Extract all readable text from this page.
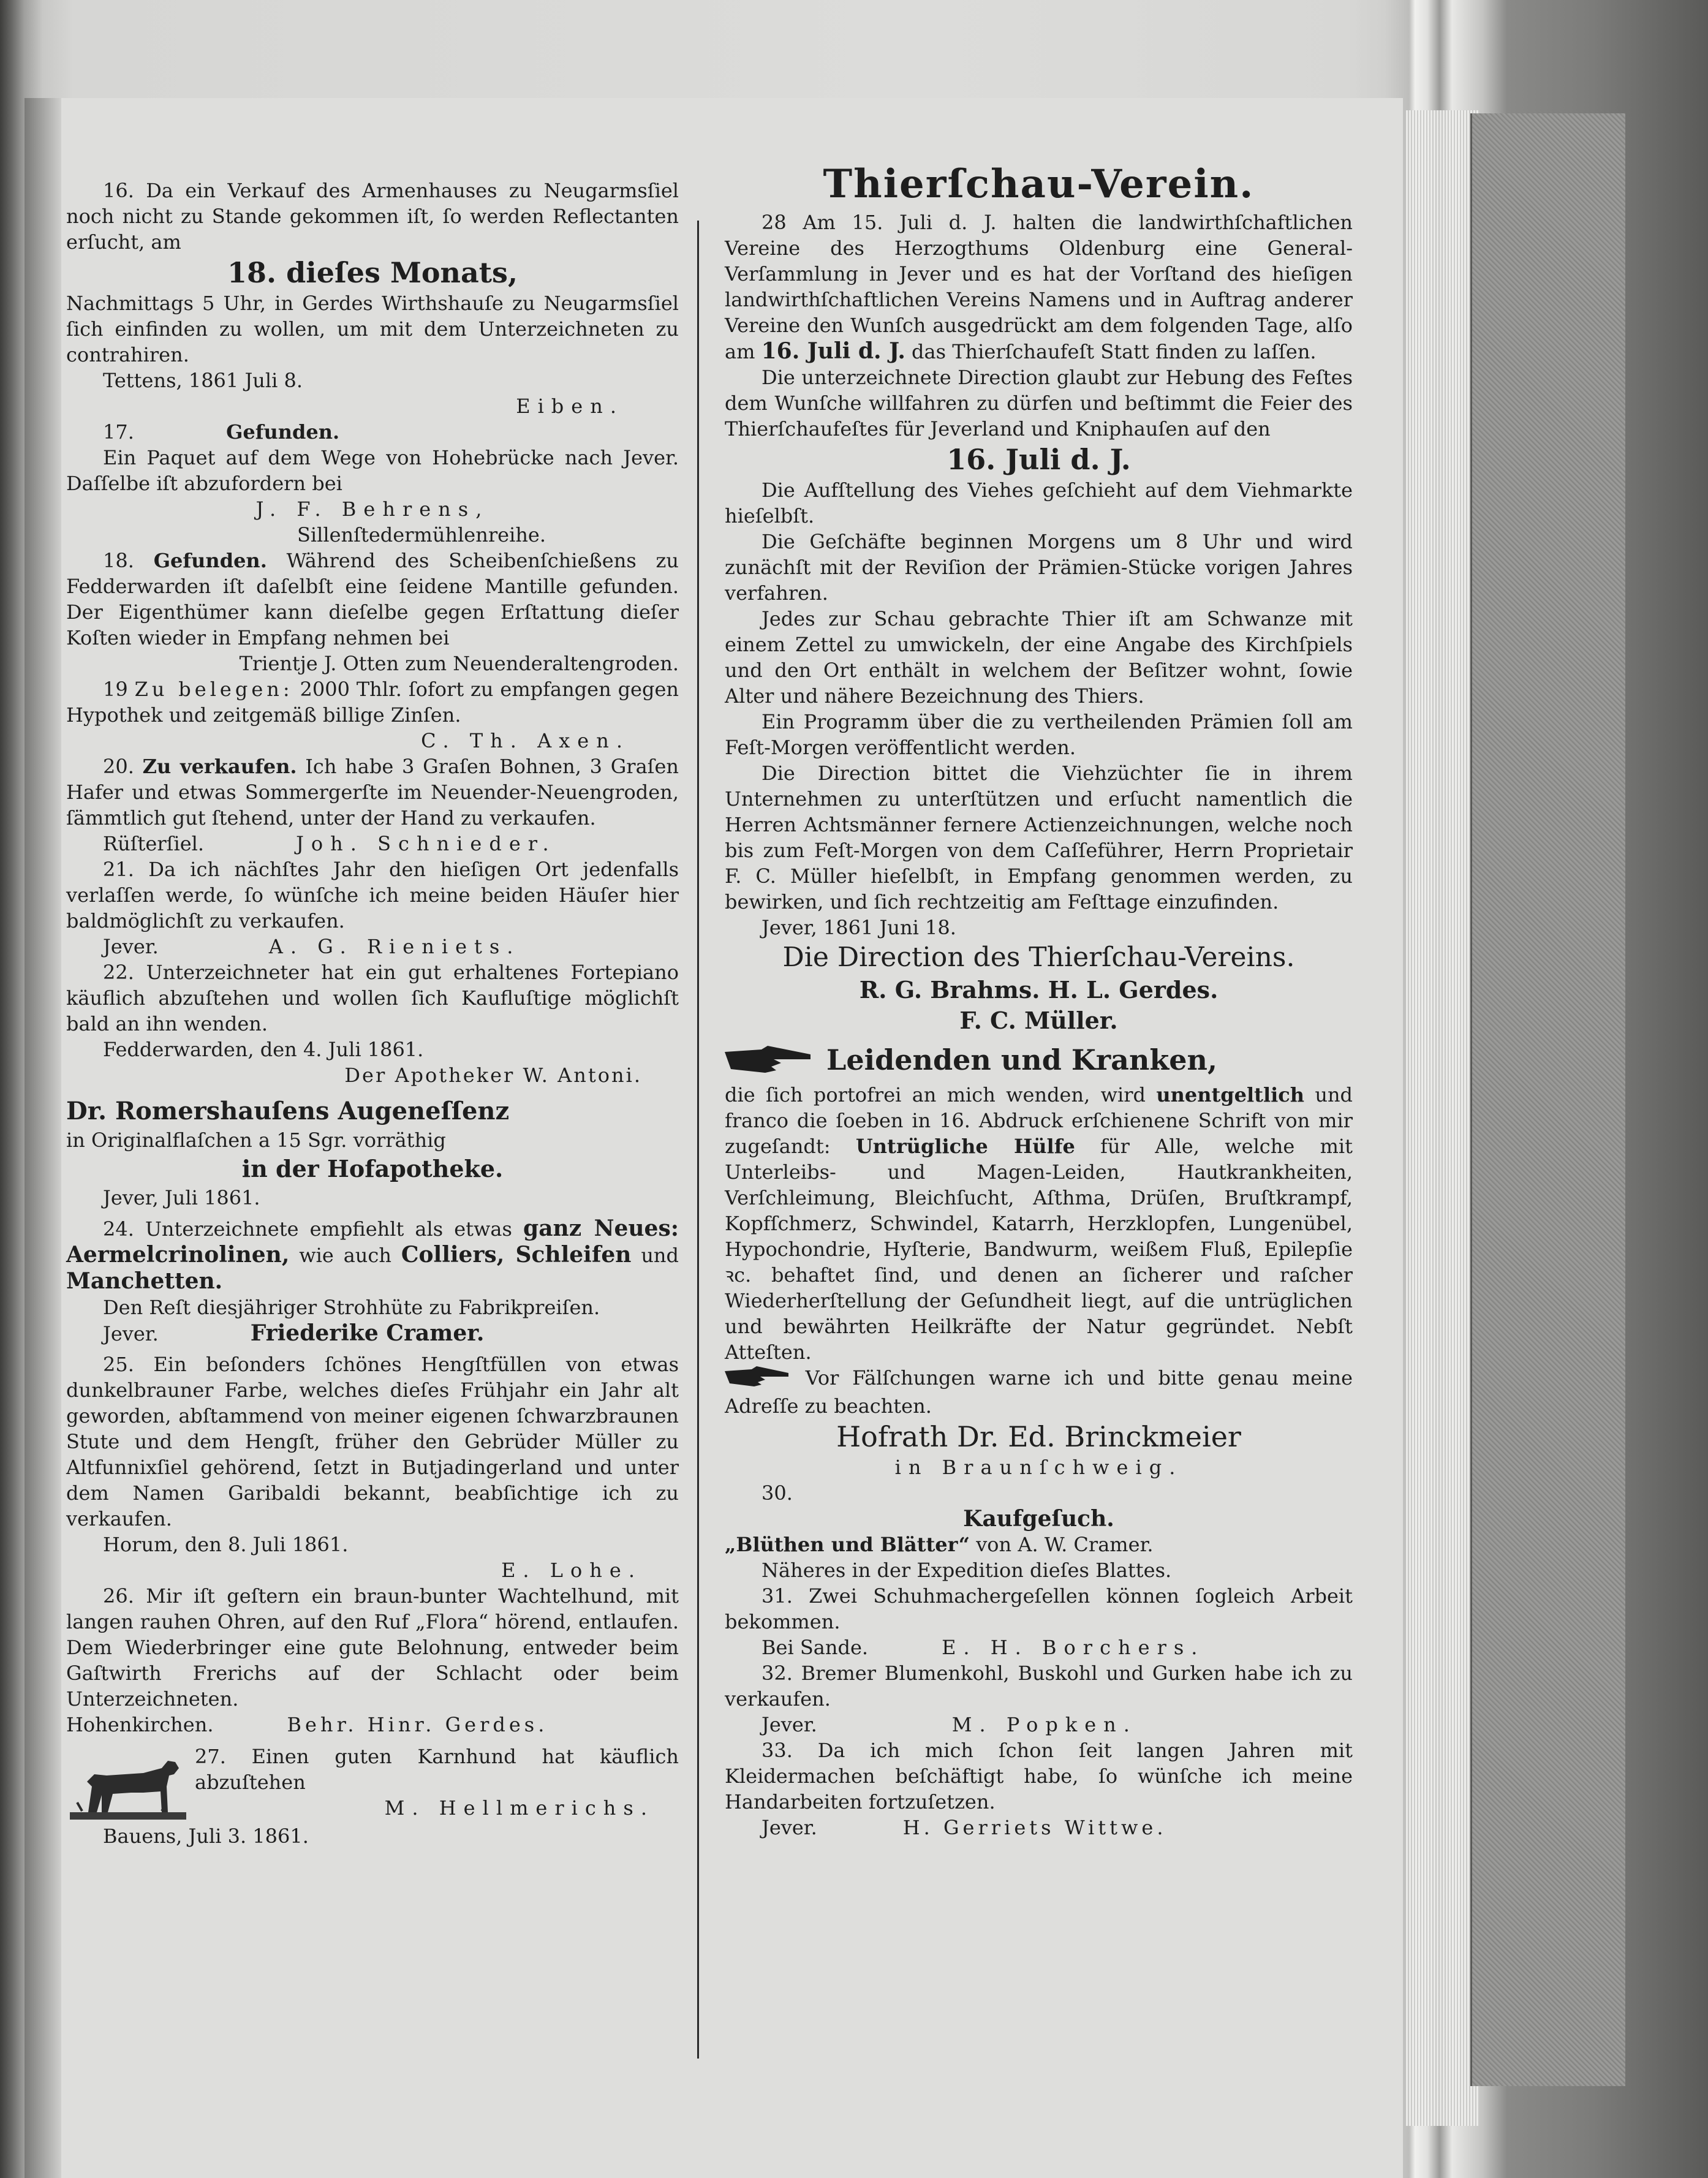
16. Da ein Verkauf des Armenhauses zu Neugarmsſiel noch nicht zu Stande gekommen iſt, ſo werden Reflectanten erſucht, am

18. dieſes Monats,

Nachmittags 5 Uhr, in Gerdes Wirthshauſe zu Neugarmsſiel ſich einfinden zu wollen, um mit dem Unterzeichneten zu contrahiren.

Tettens, 1861 Juli 8.

Eiben.

17.	Gefunden.

Ein Paquet auf dem Wege von Hohebrücke nach Jever. Daſſelbe iſt abzufordern bei

J. F. Behrens,

Sillenſtedermühlenreihe.

18. Gefunden. Während des Scheibenſchießens zu Fedderwarden iſt daſelbſt eine ſeidene Mantille gefunden. Der Eigenthümer kann dieſelbe gegen Erſtattung dieſer Koſten wieder in Empfang nehmen bei

Trientje J. Otten zum Neuenderaltengroden.

19 Zu belegen: 2000 Thlr. ſofort zu empfangen gegen Hypothek und zeitgemäß billige Zinſen.

C. Th. Axen.

20. Zu verkaufen. Ich habe 3 Graſen Bohnen, 3 Graſen Hafer und etwas Sommergerſte im Neuender-Neuengroden, ſämmtlich gut ſtehend, unter der Hand zu verkaufen.

Rüſterſiel.	Joh. Schnieder.

21. Da ich nächſtes Jahr den hieſigen Ort jedenfalls verlaſſen werde, ſo wünſche ich meine beiden Häuſer hier baldmöglichſt zu verkaufen.

Jever.	A. G. Rieniets.

22. Unterzeichneter hat ein gut erhaltenes Fortepiano käuflich abzuſtehen und wollen ſich Kaufluſtige möglichſt bald an ihn wenden.

Fedderwarden, den 4. Juli 1861.

Der Apotheker W. Antoni.

Dr. Romershauſens Augeneſſenz

in Originalflaſchen a 15 Sgr. vorräthig

in der Hofapotheke.

Jever, Juli 1861.

24. Unterzeichnete empfiehlt als etwas ganz Neues: Aermelcrinolinen, wie auch Colliers, Schleifen und Manchetten.

Den Reſt diesjähriger Strohhüte zu Fabrikpreiſen.

Jever.	Friederike Cramer.

25. Ein beſonders ſchönes Hengſtfüllen von etwas dunkelbrauner Farbe, welches dieſes Frühjahr ein Jahr alt geworden, abſtammend von meiner eigenen ſchwarzbraunen Stute und dem Hengſt, früher den Gebrüder Müller zu Altfunnixſiel gehörend, ſetzt in Butjadingerland und unter dem Namen Garibaldi bekannt, beabſichtige ich zu verkaufen.

Horum, den 8. Juli 1861.

E. Lohe.

26. Mir iſt geſtern ein braun-bunter Wachtelhund, mit langen rauhen Ohren, auf den Ruf „Flora“ hörend, entlaufen. Dem Wiederbringer eine gute Belohnung, entweder beim Gaſtwirth Frerichs auf der Schlacht oder beim Unterzeichneten.

Hohenkirchen.	Behr. Hinr. Gerdes.

27. Einen guten Karnhund hat käuflich abzuſtehen

M. Hellmerichs.

Bauens, Juli 3. 1861.

Thierſchau-Verein.

28 Am 15. Juli d. J. halten die landwirthſchaftlichen Vereine des Herzogthums Oldenburg eine General-Verſammlung in Jever und es hat der Vorſtand des hieſigen landwirthſchaftlichen Vereins Namens und in Auftrag anderer Vereine den Wunſch ausgedrückt am dem folgenden Tage, alſo am 16. Juli d. J. das Thierſchaufeſt Statt finden zu laſſen.

Die unterzeichnete Direction glaubt zur Hebung des Feſtes dem Wunſche willfahren zu dürfen und beſtimmt die Feier des Thierſchaufeſtes für Jeverland und Kniphauſen auf den

16. Juli d. J.

Die Aufſtellung des Viehes geſchieht auf dem Viehmarkte hieſelbſt.

Die Geſchäfte beginnen Morgens um 8 Uhr und wird zunächſt mit der Reviſion der Prämien-Stücke vorigen Jahres verfahren.

Jedes zur Schau gebrachte Thier iſt am Schwanze mit einem Zettel zu umwickeln, der eine Angabe des Kirchſpiels und den Ort enthält in welchem der Beſitzer wohnt, ſowie Alter und nähere Bezeichnung des Thiers.

Ein Programm über die zu vertheilenden Prämien ſoll am Feſt-Morgen veröffentlicht werden.

Die Direction bittet die Viehzüchter ſie in ihrem Unternehmen zu unterſtützen und erſucht namentlich die Herren Achtsmänner fernere Actienzeichnungen, welche noch bis zum Feſt-Morgen von dem Caſſeführer, Herrn Proprietair F. C. Müller hieſelbſt, in Empfang genommen werden, zu bewirken, und ſich rechtzeitig am Feſttage einzufinden.

Jever, 1861 Juni 18.

Die Direction des Thierſchau-Vereins.

R. G. Brahms. H. L. Gerdes.

F. C. Müller.

Leidenden und Kranken,

die ſich portofrei an mich wenden, wird unentgeltlich und franco die ſoeben in 16. Abdruck erſchienene Schrift von mir zugeſandt: Untrügliche Hülfe für Alle, welche mit Unterleibs- und Magen-Leiden, Hautkrankheiten, Verſchleimung, Bleichſucht, Aſthma, Drüſen, Bruſtkrampf, Kopfſchmerz, Schwindel, Katarrh, Herzklopfen, Lungenübel, Hypochondrie, Hyſterie, Bandwurm, weißem Fluß, Epilepſie ꝛc. behaftet ſind, und denen an ſicherer und raſcher Wiederherſtellung der Geſundheit liegt, auf die untrüglichen und bewährten Heilkräfte der Natur gegründet. Nebſt Atteſten.

Vor Fälſchungen warne ich und bitte genau meine Adreſſe zu beachten.

Hofrath Dr. Ed. Brinckmeier

in Braunſchweig.

30.

Kaufgeſuch.

„Blüthen und Blätter“ von A. W. Cramer.

Näheres in der Expedition dieſes Blattes.

31. Zwei Schuhmachergeſellen können ſogleich Arbeit bekommen.

Bei Sande.	E. H. Borchers.

32. Bremer Blumenkohl, Buskohl und Gurken habe ich zu verkaufen.

Jever.	M. Popken.

33. Da ich mich ſchon ſeit langen Jahren mit Kleidermachen beſchäftigt habe, ſo wünſche ich meine Handarbeiten fortzuſetzen.

Jever.	H. Gerriets Wittwe.
